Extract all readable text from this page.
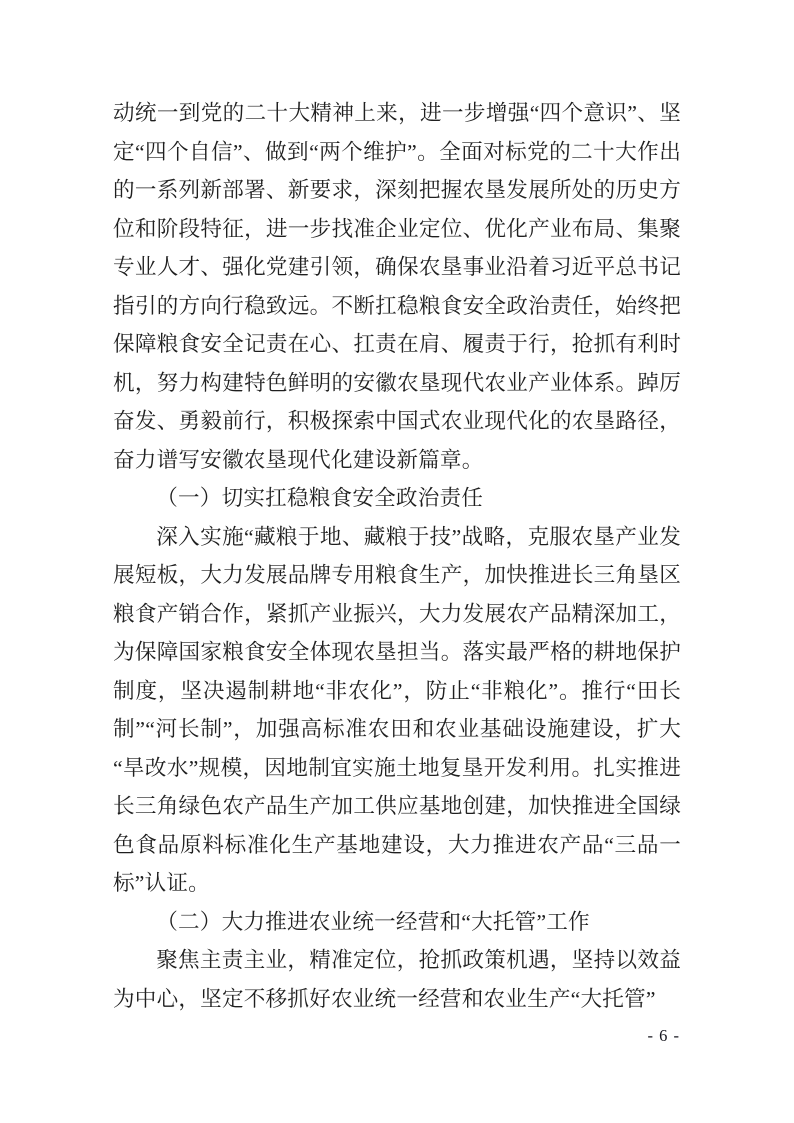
动统一到党的二十大精神上来，进一步增强“四个意识”、坚定“四个自信”、做到“两个维护”。全面对标党的二十大作出的一系列新部署、新要求，深刻把握农垦发展所处的历史方位和阶段特征，进一步找准企业定位、优化产业布局、集聚专业人才、强化党建引领，确保农垦事业沿着习近平总书记指引的方向行稳致远。不断扛稳粮食安全政治责任，始终把保障粮食安全记责在心、扛责在肩、履责于行，抢抓有利时机，努力构建特色鲜明的安徽农垦现代农业产业体系。踔厉奋发、勇毅前行，积极探索中国式农业现代化的农垦路径，奋力谱写安徽农垦现代化建设新篇章。

（一）切实扛稳粮食安全政治责任

深入实施“藏粮于地、藏粮于技”战略，克服农垦产业发展短板，大力发展品牌专用粮食生产，加快推进长三角垦区粮食产销合作，紧抓产业振兴，大力发展农产品精深加工，为保障国家粮食安全体现农垦担当。落实最严格的耕地保护制度，坚决遏制耕地“非农化”，防止“非粮化”。推行“田长制”“河长制”，加强高标准农田和农业基础设施建设，扩大“旱改水”规模，因地制宜实施土地复垦开发利用。扎实推进长三角绿色农产品生产加工供应基地创建，加快推进全国绿色食品原料标准化生产基地建设，大力推进农产品“三品一标”认证。

（二）大力推进农业统一经营和“大托管”工作

聚焦主责主业，精准定位，抢抓政策机遇，坚持以效益为中心，坚定不移抓好农业统一经营和农业生产“大托管”

- 6 -
